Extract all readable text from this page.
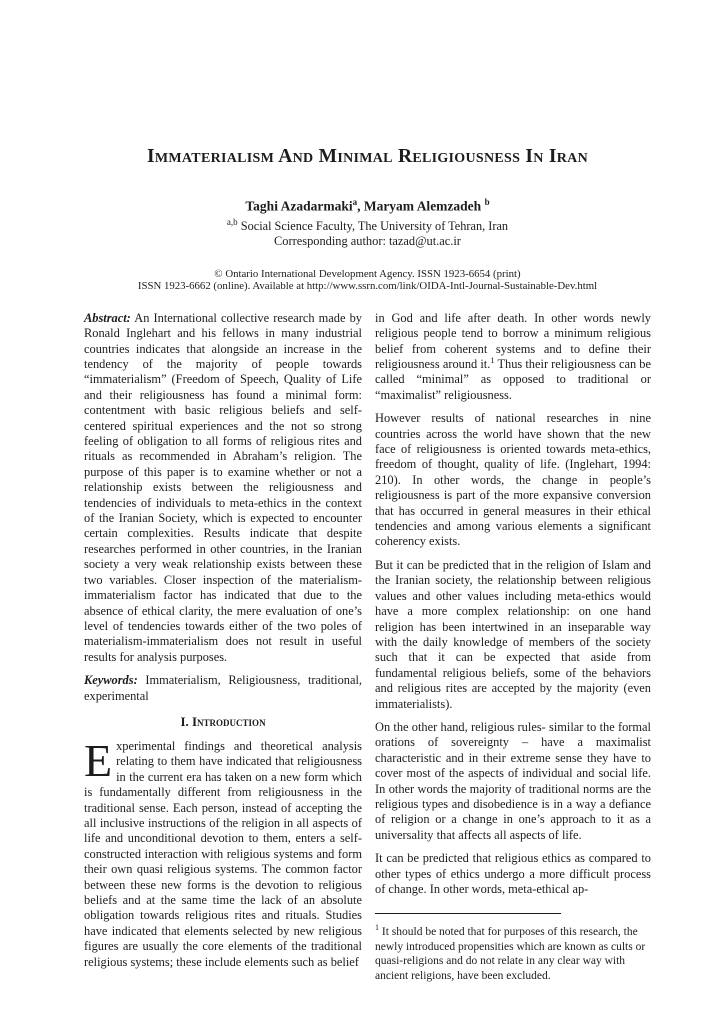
Immaterialism And Minimal Religiousness In Iran
Taghi Azadarmaki$^a$, Maryam Alemzadeh $^b$
$^{a,b}$ Social Science Faculty, The University of Tehran, Iran
Corresponding author: tazad@ut.ac.ir
© Ontario International Development Agency. ISSN 1923-6654 (print)
ISSN 1923-6662 (online). Available at http://www.ssrn.com/link/OIDA-Intl-Journal-Sustainable-Dev.html

Abstract: An International collective research made by Ronald Inglehart and his fellows in many industrial countries indicates that alongside an increase in the tendency of the majority of people towards “immaterialism” (Freedom of Speech, Quality of Life and their religiousness has found a minimal form: contentment with basic religious beliefs and self-centered spiritual experiences and the not so strong feeling of obligation to all forms of religious rites and rituals as recommended in Abraham’s religion. The purpose of this paper is to examine whether or not a relationship exists between the religiousness and tendencies of individuals to meta-ethics in the context of the Iranian Society, which is expected to encounter certain complexities. Results indicate that despite researches performed in other countries, in the Iranian society a very weak relationship exists between these two variables. Closer inspection of the materialism- immaterialism factor has indicated that due to the absence of ethical clarity, the mere evaluation of one’s level of tendencies towards either of the two poles of materialism-immaterialism does not result in useful results for analysis purposes.

Keywords: Immaterialism, Religiousness, traditional, experimental

I. Introduction

Experimental findings and theoretical analysis relating to them have indicated that religiousness in the current era has taken on a new form which is fundamentally different from religiousness in the traditional sense. Each person, instead of accepting the all inclusive instructions of the religion in all aspects of life and unconditional devotion to them, enters a self-constructed interaction with religious systems and form their own quasi religious systems. The common factor between these new forms is the devotion to religious beliefs and at the same time the lack of an absolute obligation towards religious rites and rituals. Studies have indicated that elements selected by new religious figures are usually the core elements of the traditional religious systems; these include elements such as belief

in God and life after death. In other words newly religious people tend to borrow a minimum religious belief from coherent systems and to define their religiousness around it.$^1$ Thus their religiousness can be called “minimal” as opposed to traditional or “maximalist” religiousness.

However results of national researches in nine countries across the world have shown that the new face of religiousness is oriented towards meta-ethics, freedom of thought, quality of life. (Inglehart, 1994: 210). In other words, the change in people’s religiousness is part of the more expansive conversion that has occurred in general measures in their ethical tendencies and among various elements a significant coherency exists.

But it can be predicted that in the religion of Islam and the Iranian society, the relationship between religious values and other values including meta-ethics would have a more complex relationship: on one hand religion has been intertwined in an inseparable way with the daily knowledge of members of the society such that it can be expected that aside from fundamental religious beliefs, some of the behaviors and religious rites are accepted by the majority (even immaterialists).

On the other hand, religious rules- similar to the formal orations of sovereignty – have a maximalist characteristic and in their extreme sense they have to cover most of the aspects of individual and social life. In other words the majority of traditional norms are the religious types and disobedience is in a way a defiance of religion or a change in one’s approach to it as a universality that affects all aspects of life.

It can be predicted that religious ethics as compared to other types of ethics undergo a more difficult process of change. In other words, meta-ethical ap-

$^1$ It should be noted that for purposes of this research, the newly introduced propensities which are known as cults or quasi-religions and do not relate in any clear way with ancient religions, have been excluded.
